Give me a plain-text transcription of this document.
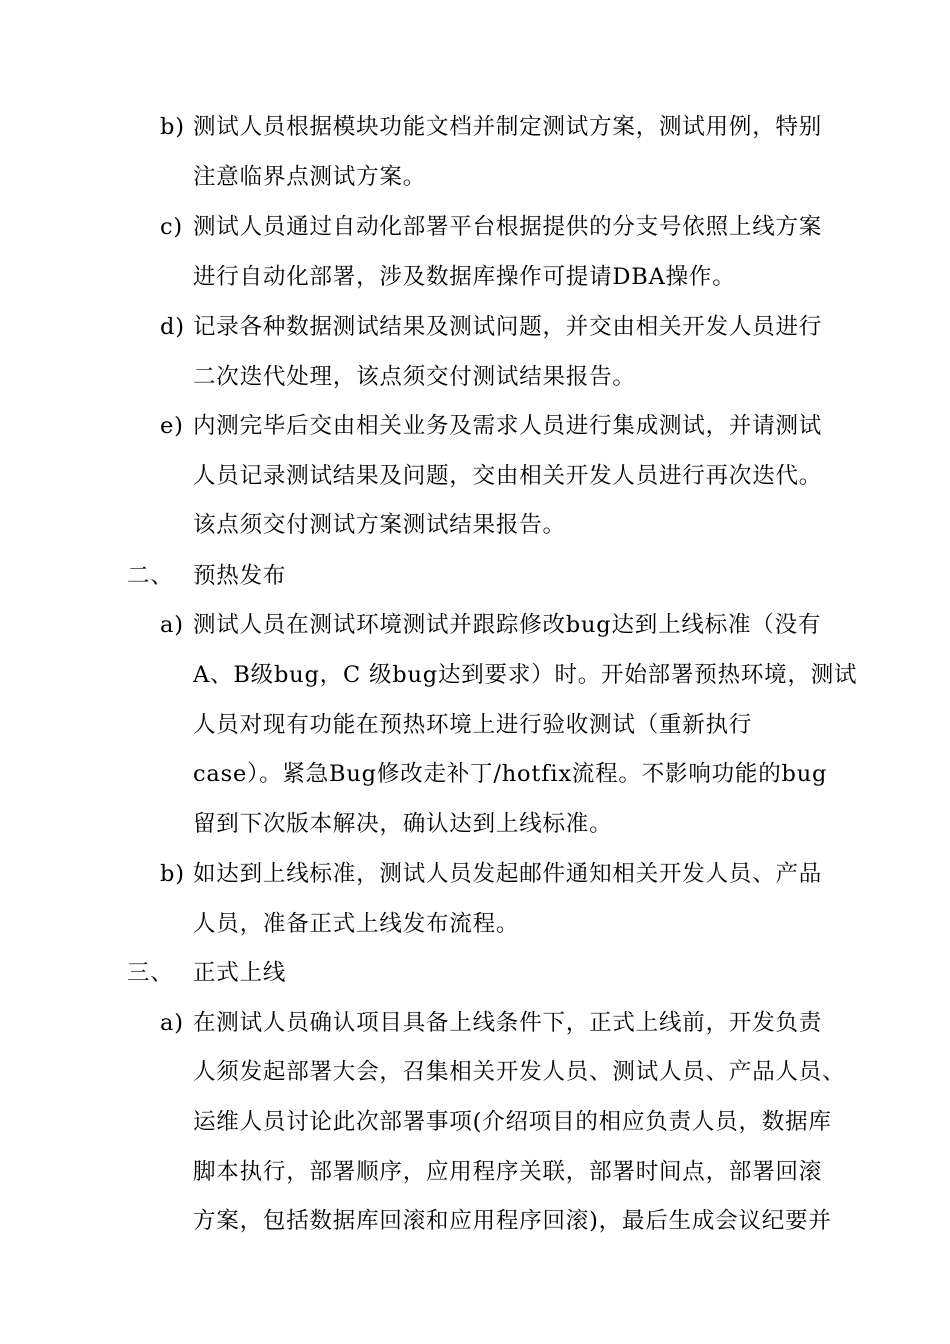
b) 测试人员根据模块功能文档并制定测试方案，测试用例，特别
注意临界点测试方案。
c) 测试人员通过自动化部署平台根据提供的分支号依照上线方案
进行自动化部署，涉及数据库操作可提请DBA操作。
d) 记录各种数据测试结果及测试问题，并交由相关开发人员进行
二次迭代处理，该点须交付测试结果报告。
e) 内测完毕后交由相关业务及需求人员进行集成测试，并请测试
人员记录测试结果及问题，交由相关开发人员进行再次迭代。
该点须交付测试方案测试结果报告。
二、 预热发布
a) 测试人员在测试环境测试并跟踪修改bug达到上线标准（没有
A、B级bug，C 级bug达到要求）时。开始部署预热环境，测试
人员对现有功能在预热环境上进行验收测试（重新执行
case）。紧急Bug修改走补丁/hotfix流程。不影响功能的bug
留到下次版本解决，确认达到上线标准。
b) 如达到上线标准，测试人员发起邮件通知相关开发人员、产品
人员，准备正式上线发布流程。
三、 正式上线
a) 在测试人员确认项目具备上线条件下，正式上线前，开发负责
人须发起部署大会，召集相关开发人员、测试人员、产品人员、
运维人员讨论此次部署事项(介绍项目的相应负责人员，数据库
脚本执行，部署顺序，应用程序关联，部署时间点，部署回滚
方案，包括数据库回滚和应用程序回滚)，最后生成会议纪要并
